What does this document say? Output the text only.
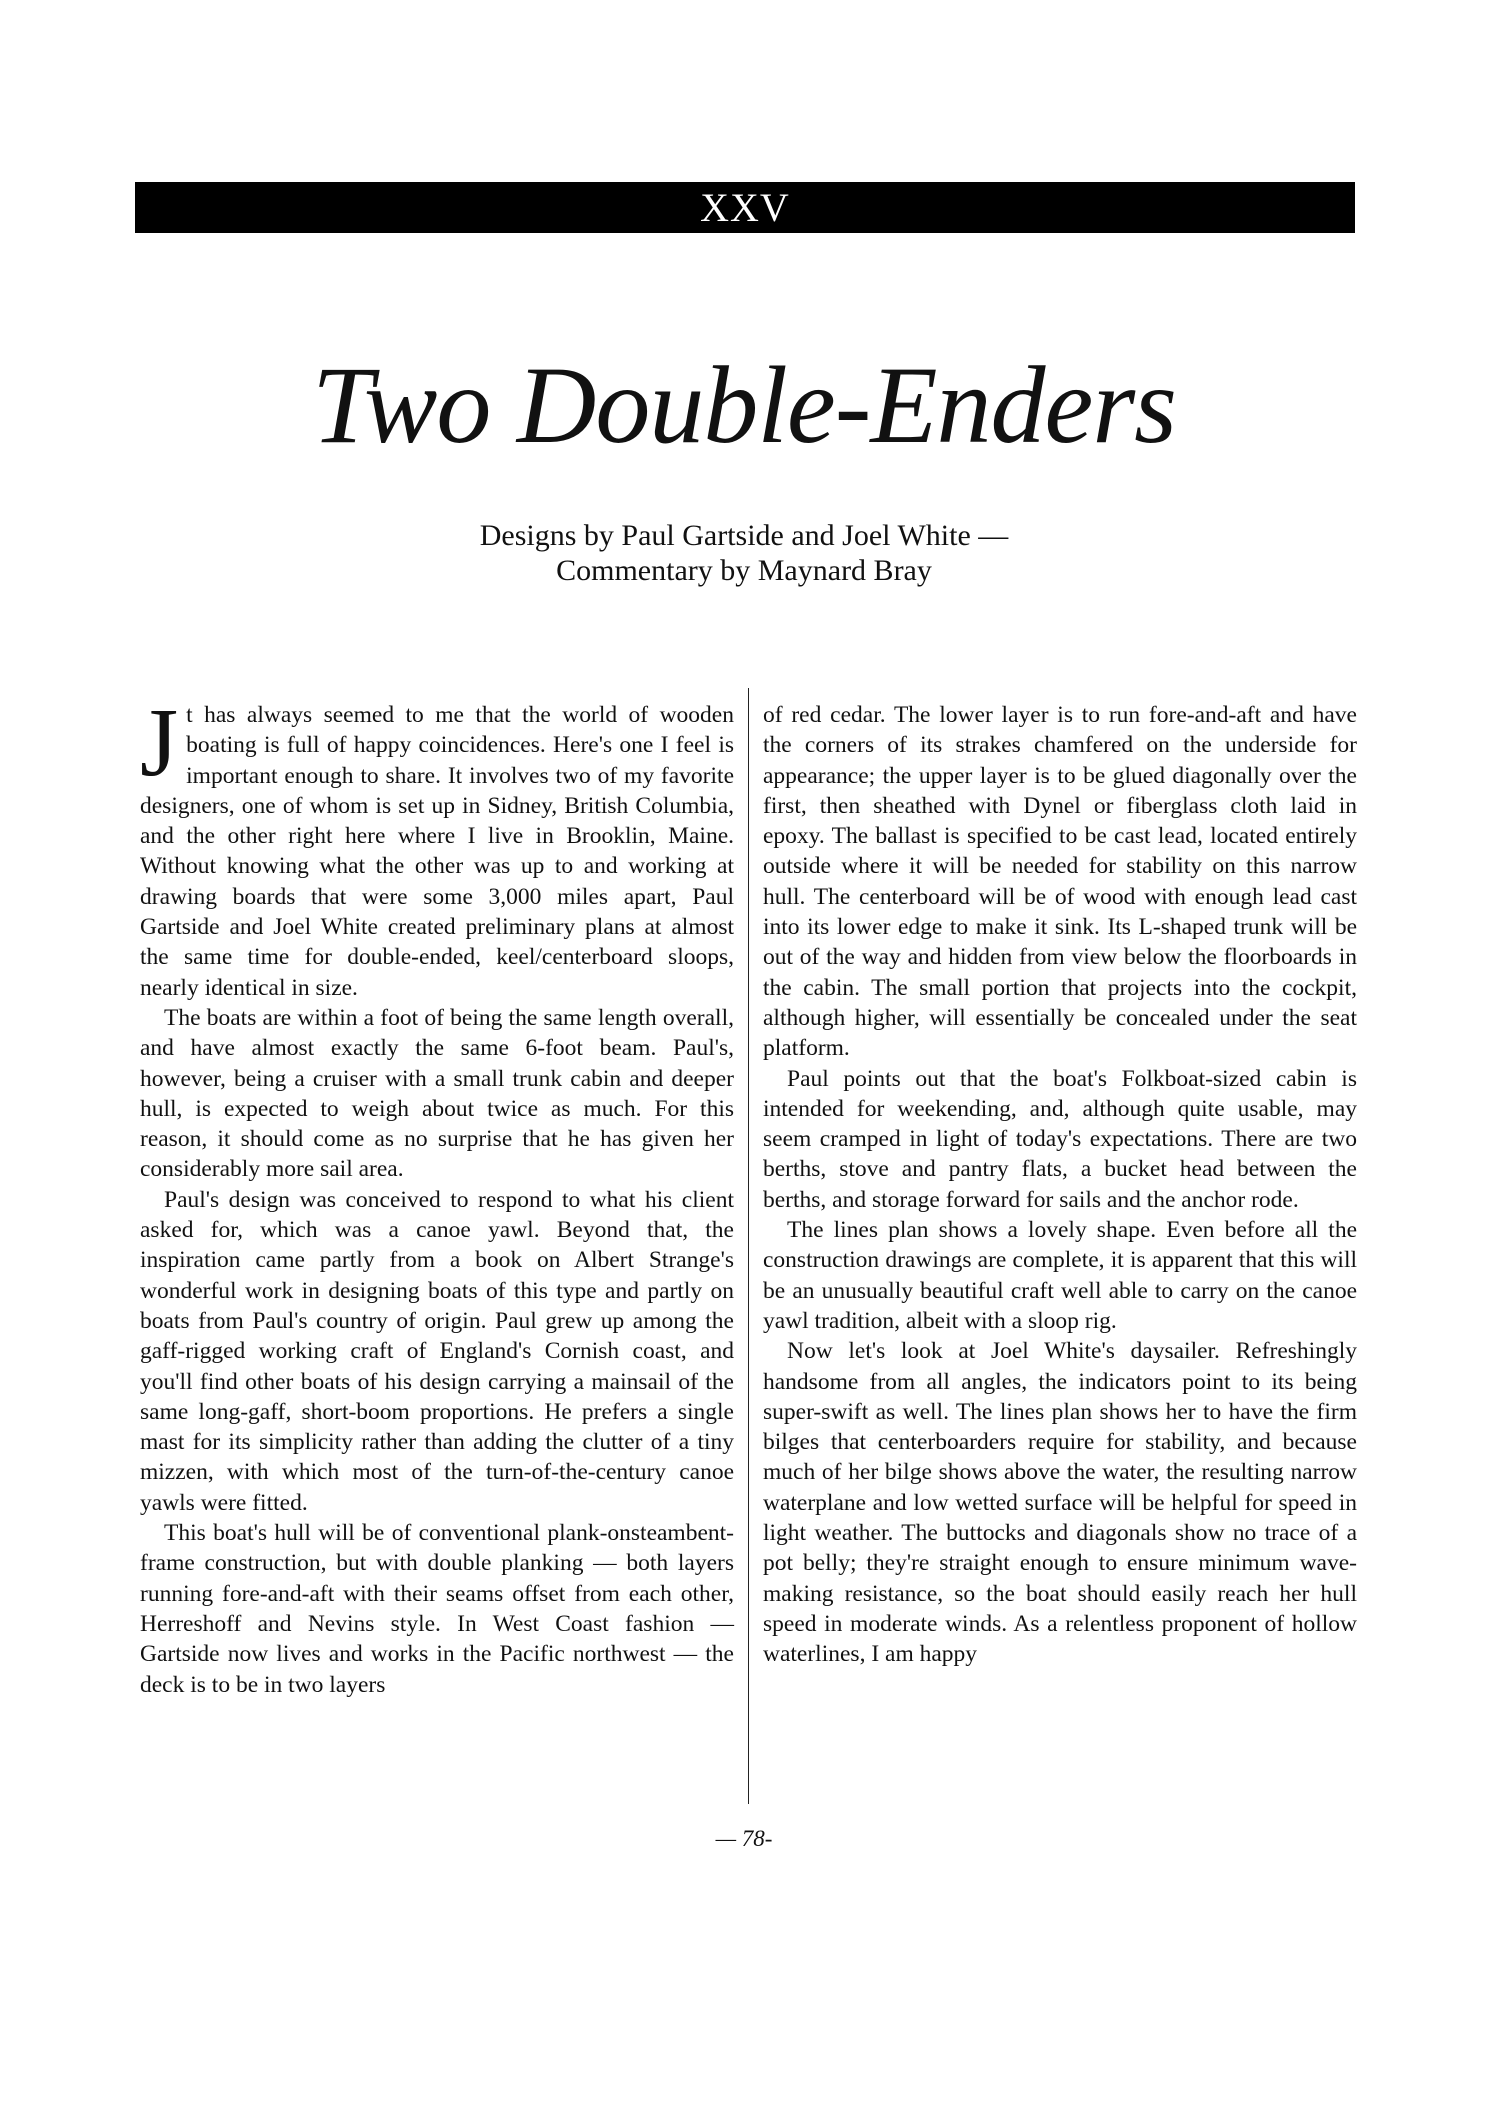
XXV
Two Double-Enders
Designs by Paul Gartside and Joel White —
Commentary by Maynard Bray

Jt has always seemed to me that the world of wooden boating is full of happy coincidences. Here's one I feel is important enough to share. It involves two of my favorite designers, one of whom is set up in Sidney, British Columbia, and the other right here where I live in Brooklin, Maine. Without knowing what the other was up to and working at drawing boards that were some 3,000 miles apart, Paul Gartside and Joel White created preliminary plans at almost the same time for double-ended, keel/centerboard sloops, nearly identical in size.

The boats are within a foot of being the same length overall, and have almost exactly the same 6-foot beam. Paul's, however, being a cruiser with a small trunk cabin and deeper hull, is expected to weigh about twice as much. For this reason, it should come as no surprise that he has given her considerably more sail area.

Paul's design was conceived to respond to what his client asked for, which was a canoe yawl. Beyond that, the inspiration came partly from a book on Albert Strange's wonderful work in designing boats of this type and partly on boats from Paul's country of origin. Paul grew up among the gaff-rigged working craft of England's Cornish coast, and you'll find other boats of his design carrying a mainsail of the same long-gaff, short-boom proportions. He prefers a single mast for its simplicity rather than adding the clutter of a tiny mizzen, with which most of the turn-of-the-century canoe yawls were fitted.

This boat's hull will be of conventional plank-onsteambent-frame construction, but with double planking — both layers running fore-and-aft with their seams offset from each other, Herreshoff and Nevins style. In West Coast fashion — Gartside now lives and works in the Pacific northwest — the deck is to be in two layers

of red cedar. The lower layer is to run fore-and-aft and have the corners of its strakes chamfered on the underside for appearance; the upper layer is to be glued diagonally over the first, then sheathed with Dynel or fiberglass cloth laid in epoxy. The ballast is specified to be cast lead, located entirely outside where it will be needed for stability on this narrow hull. The centerboard will be of wood with enough lead cast into its lower edge to make it sink. Its L-shaped trunk will be out of the way and hidden from view below the floorboards in the cabin. The small portion that projects into the cockpit, although higher, will essentially be concealed under the seat platform.

Paul points out that the boat's Folkboat-sized cabin is intended for weekending, and, although quite usable, may seem cramped in light of today's expectations. There are two berths, stove and pantry flats, a bucket head between the berths, and storage forward for sails and the anchor rode.

The lines plan shows a lovely shape. Even before all the construction drawings are complete, it is apparent that this will be an unusually beautiful craft well able to carry on the canoe yawl tradition, albeit with a sloop rig.

Now let's look at Joel White's daysailer. Refreshingly handsome from all angles, the indicators point to its being super-swift as well. The lines plan shows her to have the firm bilges that centerboarders require for stability, and because much of her bilge shows above the water, the resulting narrow waterplane and low wetted surface will be helpful for speed in light weather. The buttocks and diagonals show no trace of a pot belly; they're straight enough to ensure minimum wave-making resistance, so the boat should easily reach her hull speed in moderate winds. As a relentless proponent of hollow waterlines, I am happy

— 78-
